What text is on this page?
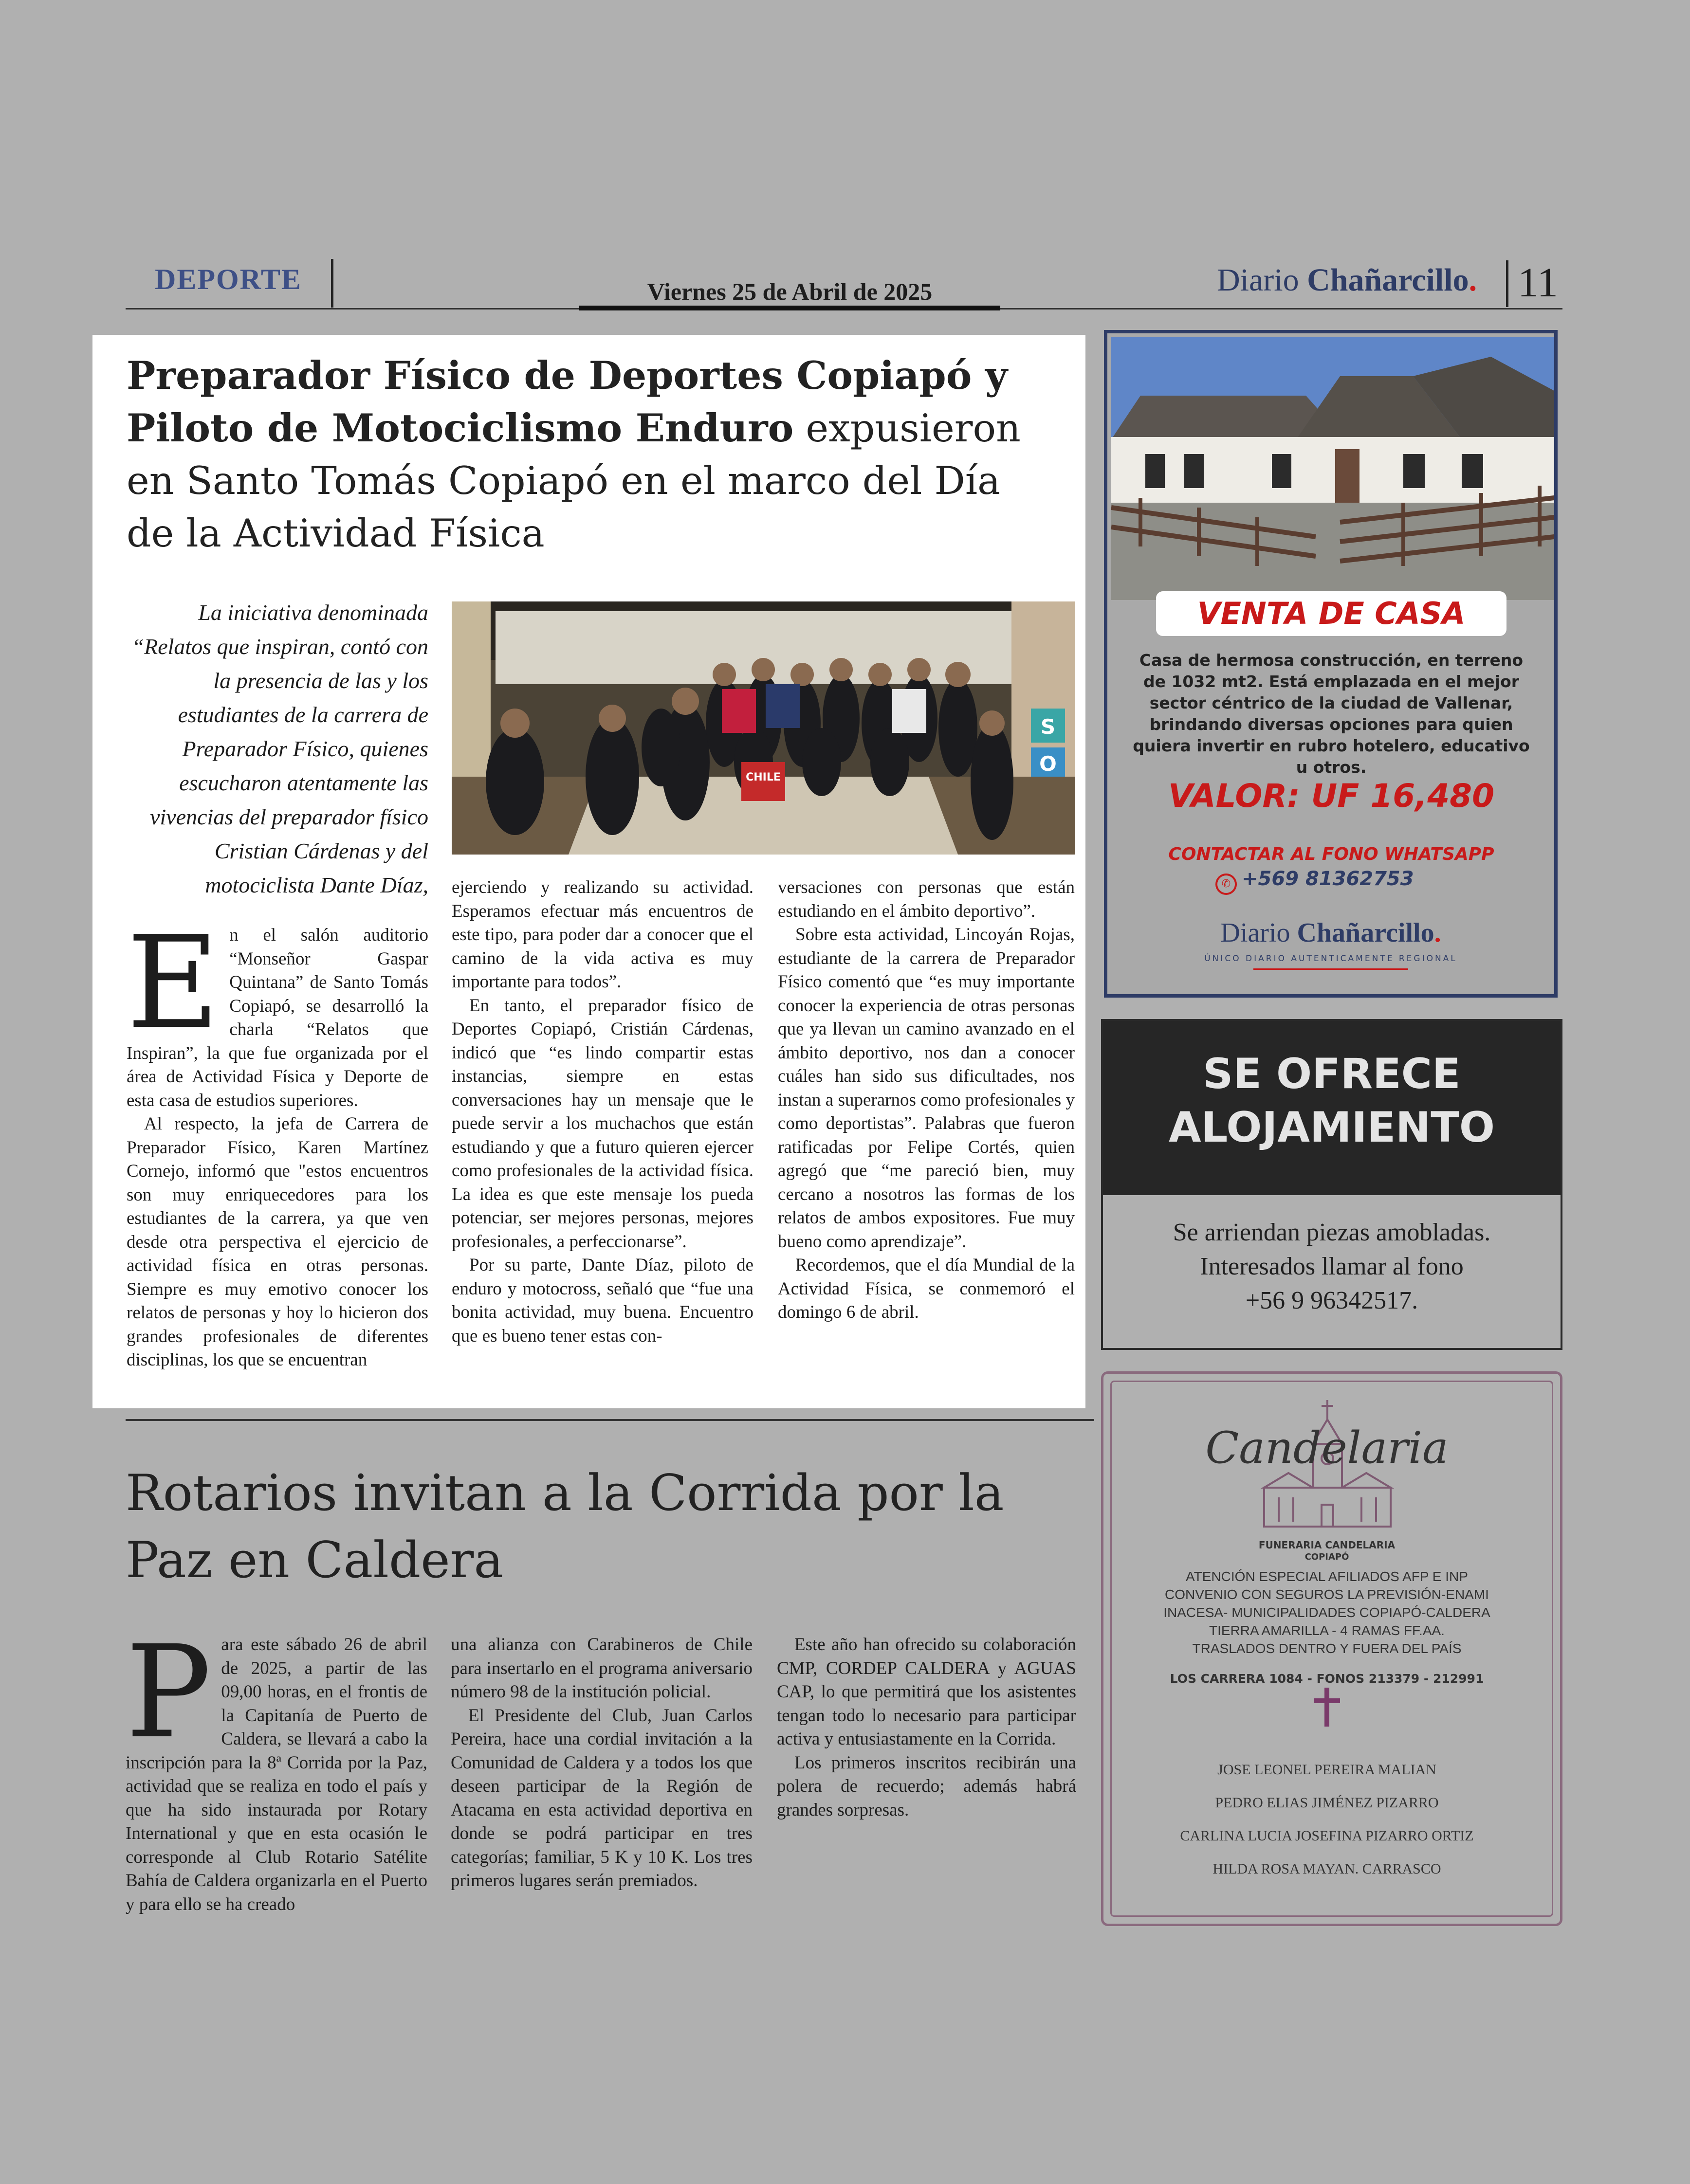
DEPORTE	Viernes 25 de Abril de 2025	Diario Chañarcillo. 11
Preparador Físico de Deportes Copiapó y Piloto de Motociclismo Enduro expusieron en Santo Tomás Copiapó en el marco del Día de la Actividad Física
La iniciativa denominada “Relatos que inspiran, contó con la presencia de las y los estudiantes de la carrera de Preparador Físico, quienes escucharon atentamente las vivencias del preparador físico Cristian Cárdenas y del motociclista Dante Díaz,
S
O
CHILE
E n el salón auditorio “Monseñor Gaspar Quintana” de Santo Tomás Copiapó, se desarrolló la charla “Relatos que Inspiran”, la que fue organizada por el área de Actividad Física y Deporte de esta casa de estudios superiores.

Al respecto, la jefa de Carrera de Preparador Físico, Karen Martínez Cornejo, informó que "estos encuentros son muy enriquecedores para los estudiantes de la carrera, ya que ven desde otra perspectiva el ejercicio de actividad física en otras personas. Siempre es muy emotivo conocer los relatos de personas y hoy lo hicieron dos grandes profesionales de diferentes disciplinas, los que se encuentran

ejerciendo y realizando su actividad. Esperamos efectuar más encuentros de este tipo, para poder dar a conocer que el camino de la vida activa es muy importante para todos”.

En tanto, el preparador físico de Deportes Copiapó, Cristián Cárdenas, indicó que “es lindo compartir estas instancias, siempre en estas conversaciones hay un mensaje que le puede servir a los muchachos que están estudiando y que a futuro quieren ejercer como profesionales de la actividad física. La idea es que este mensaje los pueda potenciar, ser mejores personas, mejores profesionales, a perfeccionarse”.

Por su parte, Dante Díaz, piloto de enduro y motocross, señaló que “fue una bonita actividad, muy buena. Encuentro que es bueno tener estas con-

versaciones con personas que están estudiando en el ámbito deportivo”.

Sobre esta actividad, Lincoyán Rojas, estudiante de la carrera de Preparador Físico comentó que “es muy importante conocer la experiencia de otras personas que ya llevan un camino avanzado en el ámbito deportivo, nos dan a conocer cuáles han sido sus dificultades, nos instan a superarnos como profesionales y como deportistas”. Palabras que fueron ratificadas por Felipe Cortés, quien agregó que “me pareció bien, muy cercano a nosotros las formas de los relatos de ambos expositores. Fue muy bueno como aprendizaje”.

Recordemos, que el día Mundial de la Actividad Física, se conmemoró el domingo 6 de abril.

Rotarios invitan a la Corrida por la Paz en Caldera
P ara este sábado 26 de abril de 2025, a partir de las 09,00 horas, en el frontis de la Capitanía de Puerto de Caldera, se llevará a cabo la inscripción para la 8ª Corrida por la Paz, actividad que se realiza en todo el país y que ha sido instaurada por Rotary International y que en esta ocasión le corresponde al Club Rotario Satélite Bahía de Caldera organizarla en el Puerto y para ello se ha creado

una alianza con Carabineros de Chile para insertarlo en el programa aniversario número 98 de la institución policial.

El Presidente del Club, Juan Carlos Pereira, hace una cordial invitación a la Comunidad de Caldera y a todos los que deseen participar de la Región de Atacama en esta actividad deportiva en donde se podrá participar en tres categorías; familiar, 5 K y 10 K. Los tres primeros lugares serán premiados.

Este año han ofrecido su colaboración CMP, CORDEP CALDERA y AGUAS CAP, lo que permitirá que los asistentes tengan todo lo necesario para participar activa y entusiastamente en la Corrida.

Los primeros inscritos recibirán una polera de recuerdo; además habrá grandes sorpresas.

VENTA DE CASA
Casa de hermosa construcción, en terreno de 1032 mt2. Está emplazada en el mejor sector céntrico de la ciudad de Vallenar, brindando diversas opciones para quien quiera invertir en rubro hotelero, educativo u otros.
VALOR: UF 16,480
CONTACTAR AL FONO WHATSAPP
✆ +569 81362753
Diario Chañarcillo.
ÚNICO DIARIO AUTENTICAMENTE REGIONAL
SE OFRECE
ALOJAMIENTO
Se arriendan piezas amobladas.
Interesados llamar al fono
+56 9 96342517.
Candelaria
FUNERARIA CANDELARIA
COPIAPÓ
ATENCIÓN ESPECIAL AFILIADOS AFP E INP
CONVENIO CON SEGUROS LA PREVISIÓN-ENAMI
INACESA- MUNICIPALIDADES COPIAPÓ-CALDERA
TIERRA AMARILLA - 4 RAMAS FF.AA.
TRASLADOS DENTRO Y FUERA DEL PAÍS
LOS CARRERA 1084 - FONOS 213379 - 212991
JOSE LEONEL PEREIRA MALIAN
PEDRO ELIAS JIMÉNEZ PIZARRO
CARLINA LUCIA JOSEFINA PIZARRO ORTIZ
HILDA ROSA MAYAN. CARRASCO
